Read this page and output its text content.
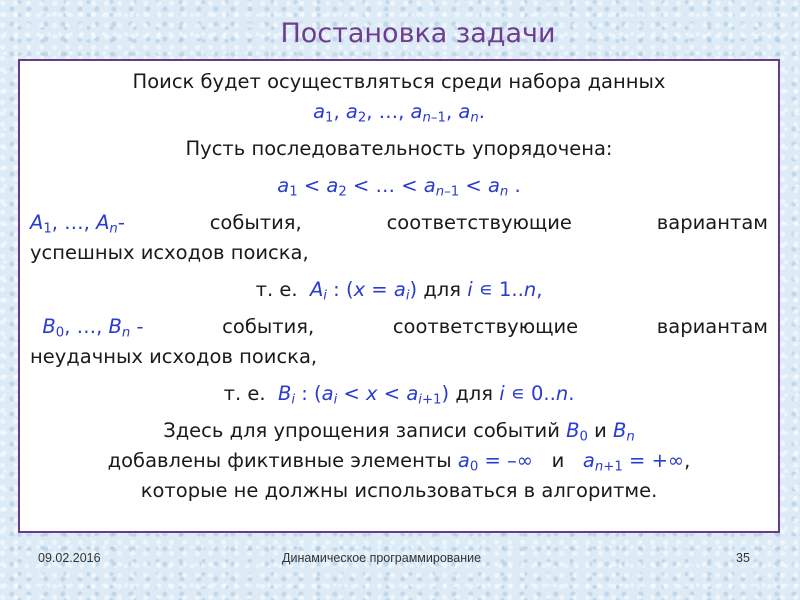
Постановка задачи
Поиск будет осуществляться среди набора данных
$a_1$, $a_2$, …, $a_{n-1}$, $a_n$.
Пусть последовательность упорядочена:
$a_1 < a_2$ < … < $a_{n-1} < a_n$ .
$A_1$, …, $A_n-$	события,	соответствующие	вариантам
успешных исходов поиска,
т. е. $A_i$ : $(x = a_i)$ для i ∊ 1..n,
$B_0$, …, $B_n$ -	события,	соответствующие	вариантам
неудачных исходов поиска,
т. е. $B_i$ : $(a_i < x < a_{i+1})$ для i ∊ 0..n.
Здесь для упрощения записи событий $B_0$ и $B_n$
добавлены фиктивные элементы $a_0$ = –∞ и $a_{n+1}$ = +∞,
которые не должны использоваться в алгоритме.
09.02.2016	Динамическое программирование	35
